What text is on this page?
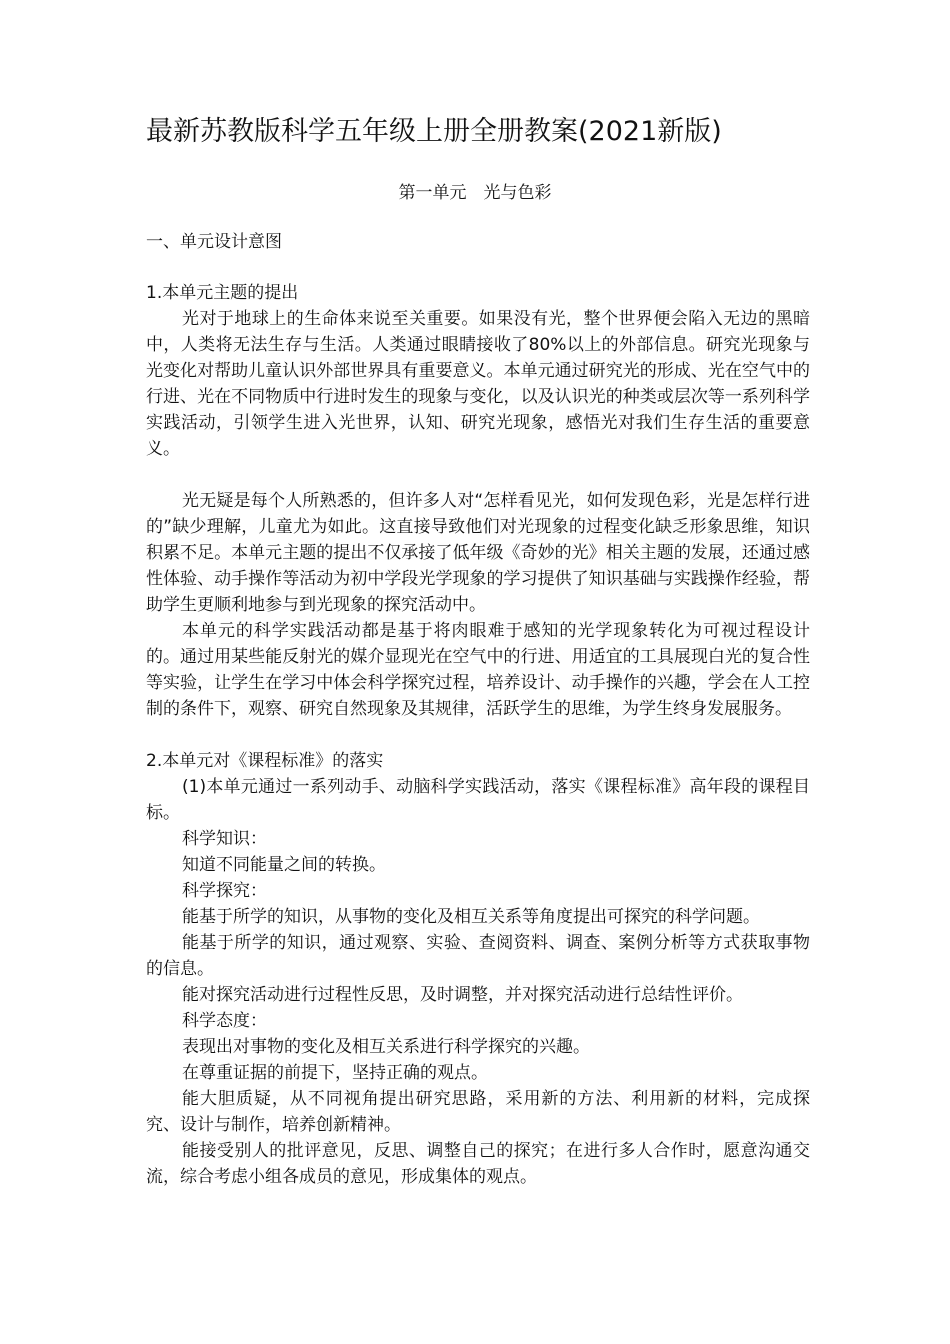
最新苏教版科学五年级上册全册教案(2021新版)
第一单元　光与色彩
一、单元设计意图

1.本单元主题的提出

光对于地球上的生命体来说至关重要。如果没有光，整个世界便会陷入无边的黑暗中，人类将无法生存与生活。人类通过眼睛接收了80%以上的外部信息。研究光现象与光变化对帮助儿童认识外部世界具有重要意义。本单元通过研究光的形成、光在空气中的行进、光在不同物质中行进时发生的现象与变化，以及认识光的种类或层次等一系列科学实践活动，引领学生进入光世界，认知、研究光现象，感悟光对我们生存生活的重要意义。

光无疑是每个人所熟悉的，但许多人对“怎样看见光，如何发现色彩，光是怎样行进的”缺少理解，儿童尤为如此。这直接导致他们对光现象的过程变化缺乏形象思维，知识积累不足。本单元主题的提出不仅承接了低年级《奇妙的光》相关主题的发展，还通过感性体验、动手操作等活动为初中学段光学现象的学习提供了知识基础与实践操作经验，帮助学生更顺利地参与到光现象的探究活动中。

本单元的科学实践活动都是基于将肉眼难于感知的光学现象转化为可视过程设计的。通过用某些能反射光的媒介显现光在空气中的行进、用适宜的工具展现白光的复合性等实验，让学生在学习中体会科学探究过程，培养设计、动手操作的兴趣，学会在人工控制的条件下，观察、研究自然现象及其规律，活跃学生的思维，为学生终身发展服务。

2.本单元对《课程标准》的落实

(1)本单元通过一系列动手、动脑科学实践活动，落实《课程标准》高年段的课程目标。

科学知识：

知道不同能量之间的转换。

科学探究：

能基于所学的知识，从事物的变化及相互关系等角度提出可探究的科学问题。

能基于所学的知识，通过观察、实验、查阅资料、调查、案例分析等方式获取事物的信息。

能对探究活动进行过程性反思，及时调整，并对探究活动进行总结性评价。

科学态度：

表现出对事物的变化及相互关系进行科学探究的兴趣。

在尊重证据的前提下，坚持正确的观点。

能大胆质疑，从不同视角提出研究思路，采用新的方法、利用新的材料，完成探究、设计与制作，培养创新精神。

能接受别人的批评意见，反思、调整自己的探究；在进行多人合作时，愿意沟通交流，综合考虑小组各成员的意见，形成集体的观点。
